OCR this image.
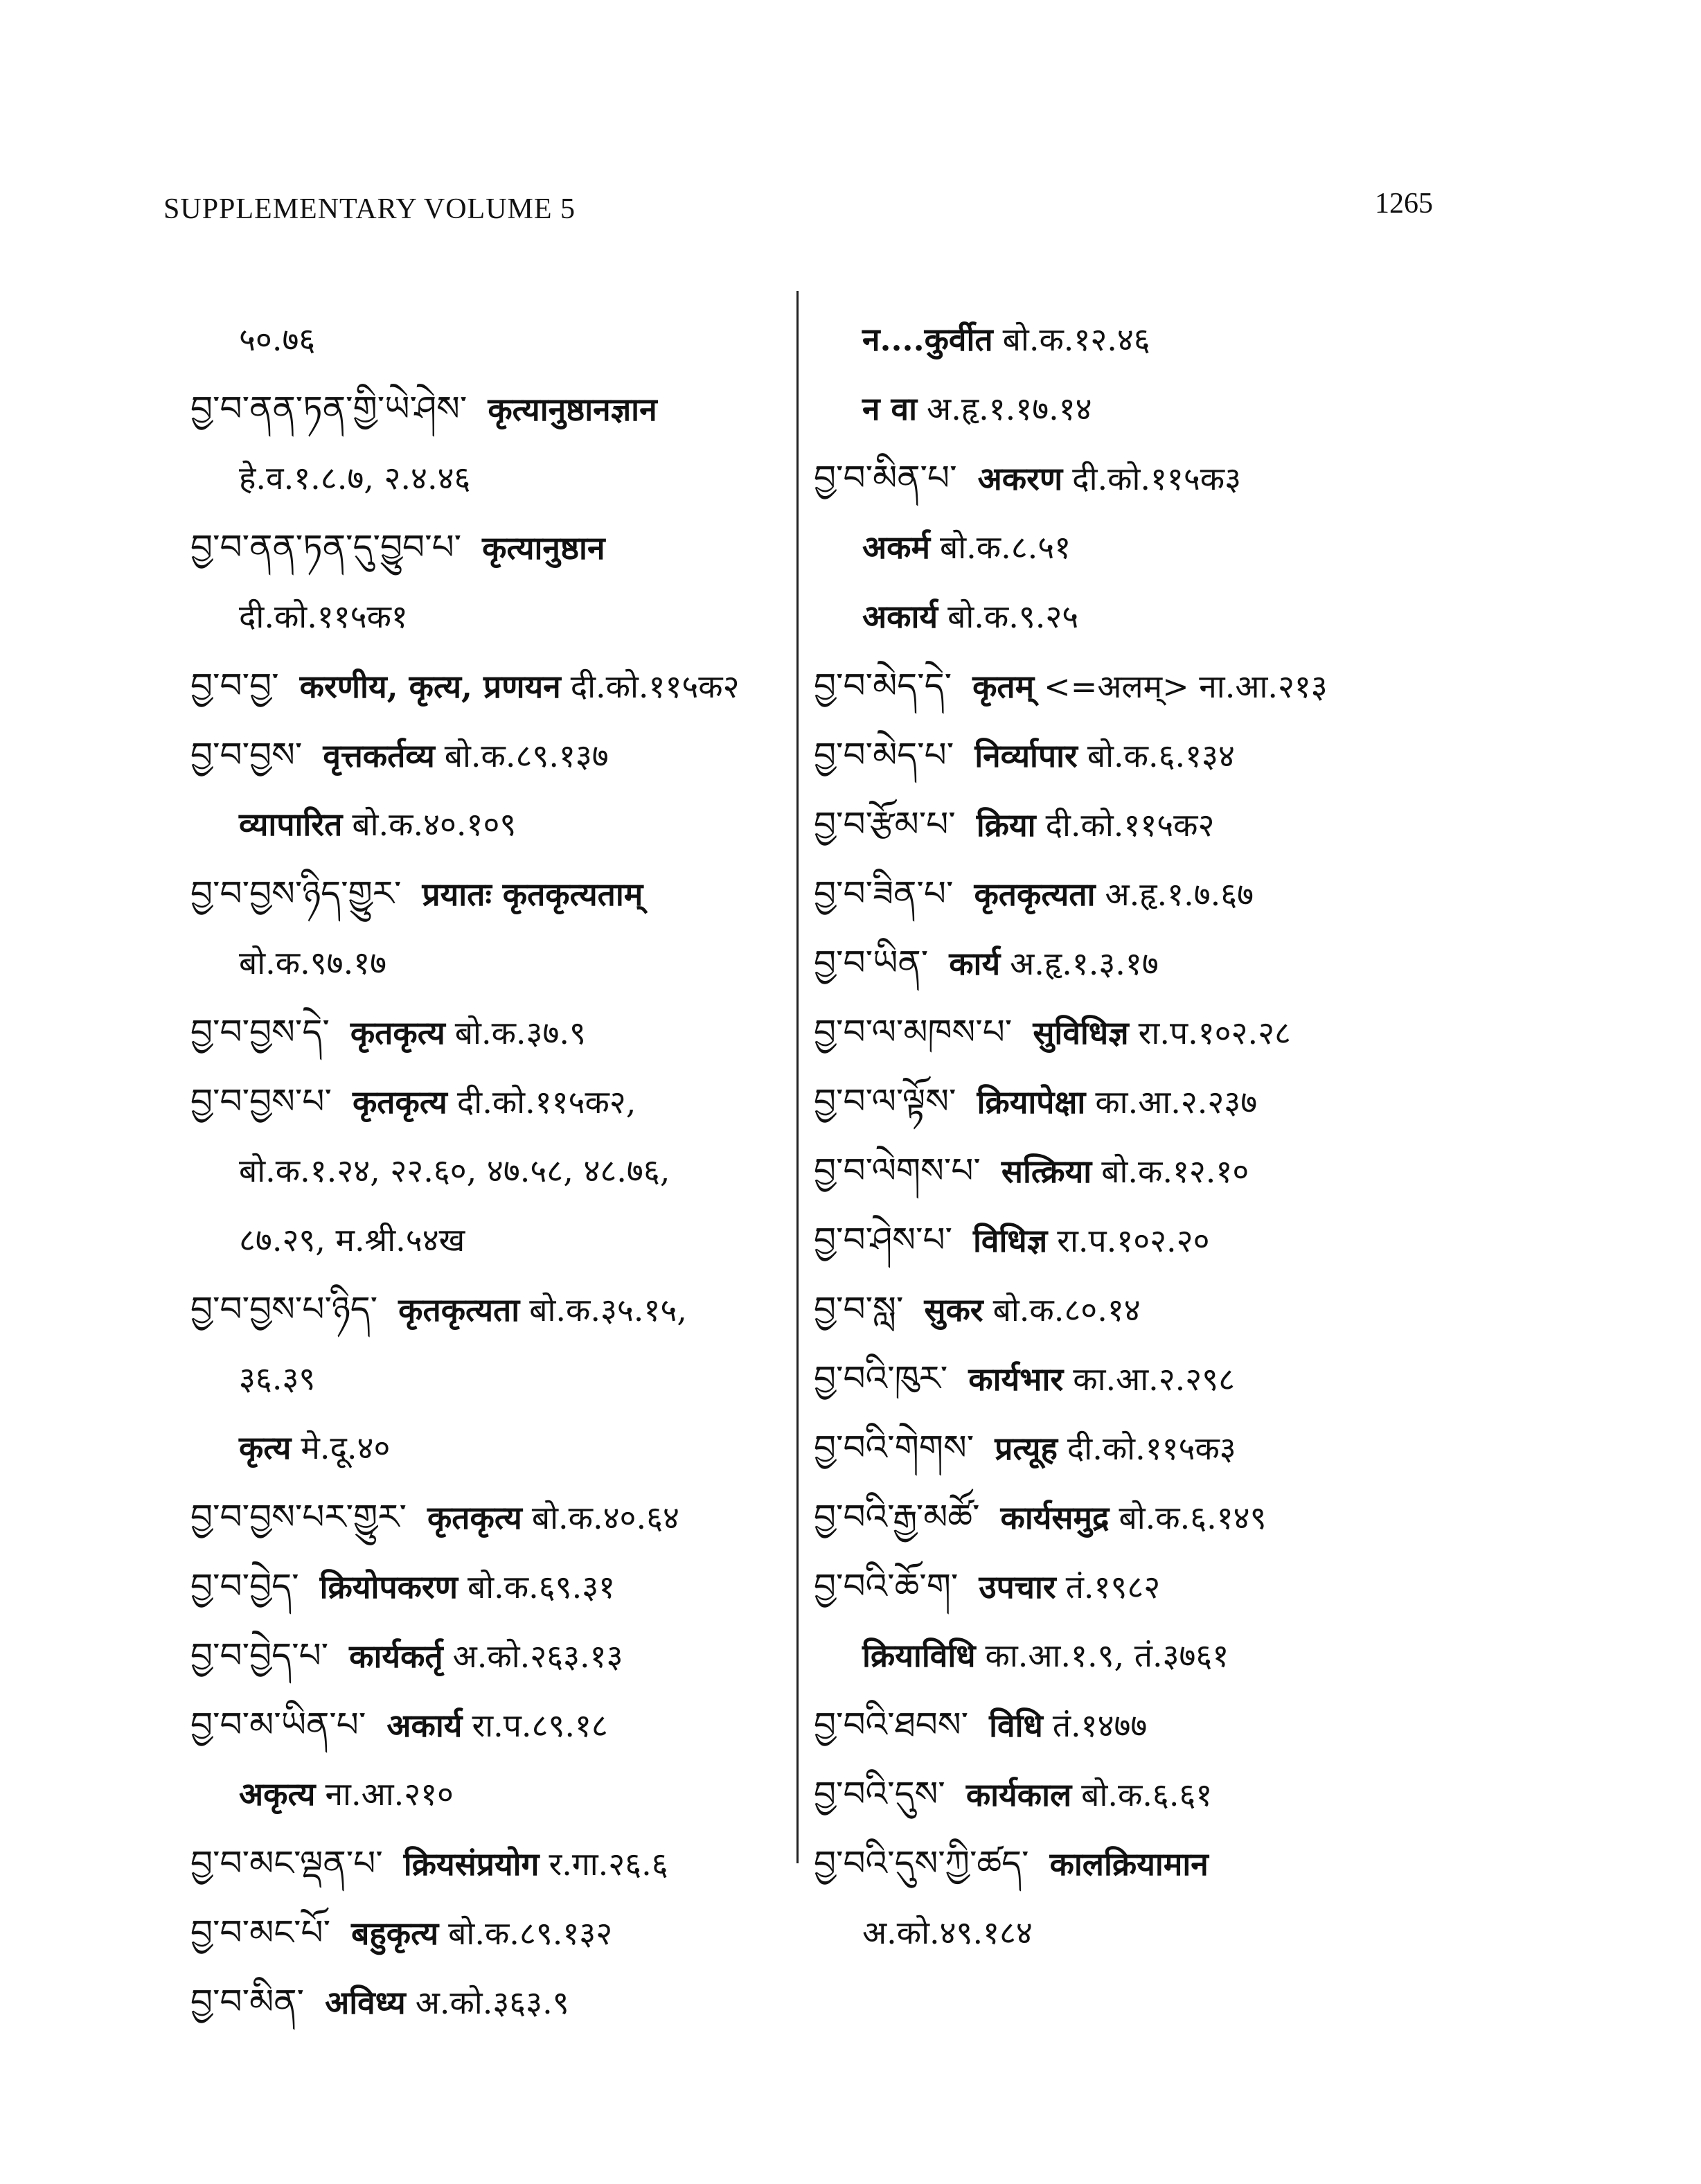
SUPPLEMENTARY VOLUME 5	1265
५०.७६
བྱ་བ་ནན་ཏན་གྱི་ཡེ་ཤེས་ कृत्यानुष्ठानज्ञान
हे.व.१.८.७, २.४.४६
བྱ་བ་ནན་ཏན་དུ་བྱུབ་པ་ कृत्यानुष्ठान
दी.को.११५क१
བྱ་བ་བྱ་ करणीय, कृत्य, प्रणयन दी.को.११५क२
བྱ་བ་བྱས་ वृत्तकर्तव्य बो.क.८९.१३७
व्यापारित बो.क.४०.१०९
བྱ་བ་བྱས་ཉིད་གྱུར་ प्रयातः कृतकृत्यताम्
बो.क.९७.१७
བྱ་བ་བྱས་དེ་ कृतकृत्य बो.क.३७.९
བྱ་བ་བྱས་པ་ कृतकृत्य दी.को.११५क२,
बो.क.१.२४, २२.६०, ४७.५८, ४८.७६,
८७.२९, म.श्री.५४ख
བྱ་བ་བྱས་པ་ཉིད་ कृतकृत्यता बो.क.३५.१५,
३६.३९
कृत्य मे.दू.४०
བྱ་བ་བྱས་པར་གྱུར་ कृतकृत्य बो.क.४०.६४
བྱ་བ་བྱེད་ क्रियोपकरण बो.क.६९.३१
བྱ་བ་བྱེད་པ་ कार्यकर्तृ अ.को.२६३.१३
བྱ་བ་མ་ཡིན་པ་ अकार्य रा.प.८९.१८
अकृत्य ना.आ.२१०
བྱ་བ་མང་ལྡན་པ་ क्रियसंप्रयोग र.गा.२६.६
བྱ་བ་མང་པོ་ बहुकृत्य बो.क.८९.१३२
བྱ་བ་མིན་ अविध्य अ.को.३६३.९
न....कुर्वीत बो.क.१२.४६
न वा अ.हृ.१.१७.१४
བྱ་བ་མིན་པ་ अकरण दी.को.११५क३
अकर्म बो.क.८.५१
अकार्य बो.क.९.२५
བྱ་བ་མེད་དེ་ कृतम् <=अलम्> ना.आ.२१३
བྱ་བ་མེད་པ་ निर्व्यापार बो.क.६.१३४
བྱ་བ་རྩོམ་པ་ क्रिया दी.को.११५क२
བྱ་བ་ཟིན་པ་ कृतकृत्यता अ.हृ.१.७.६७
བྱ་བ་ཡིན་ कार्य अ.हृ.१.३.१७
བྱ་བ་ལ་མཁས་པ་ सुविधिज्ञ रा.प.१०२.२८
བྱ་བ་ལ་ལྟོས་ क्रियापेक्षा का.आ.२.२३७
བྱ་བ་ལེགས་པ་ सत्क्रिया बो.क.१२.१०
བྱ་བ་ཤེས་པ་ विधिज्ञ रा.प.१०२.२०
བྱ་བ་སླ་ सुकर बो.क.८०.१४
བྱ་བའི་ཁུར་ कार्यभार का.आ.२.२९८
བྱ་བའི་གེགས་ प्रत्यूह दी.को.११५क३
བྱ་བའི་རྒྱ་མཚོ་ कार्यसमुद्र बो.क.६.१४९
བྱ་བའི་ཆོ་ག་ उपचार तं.१९८२
क्रियाविधि का.आ.१.९, तं.३७६१
བྱ་བའི་ཐབས་ विधि तं.१४७७
བྱ་བའི་དུས་ कार्यकाल बो.क.६.६१
བྱ་བའི་དུས་ཀྱི་ཚད་ कालक्रियामान
अ.को.४९.१८४
